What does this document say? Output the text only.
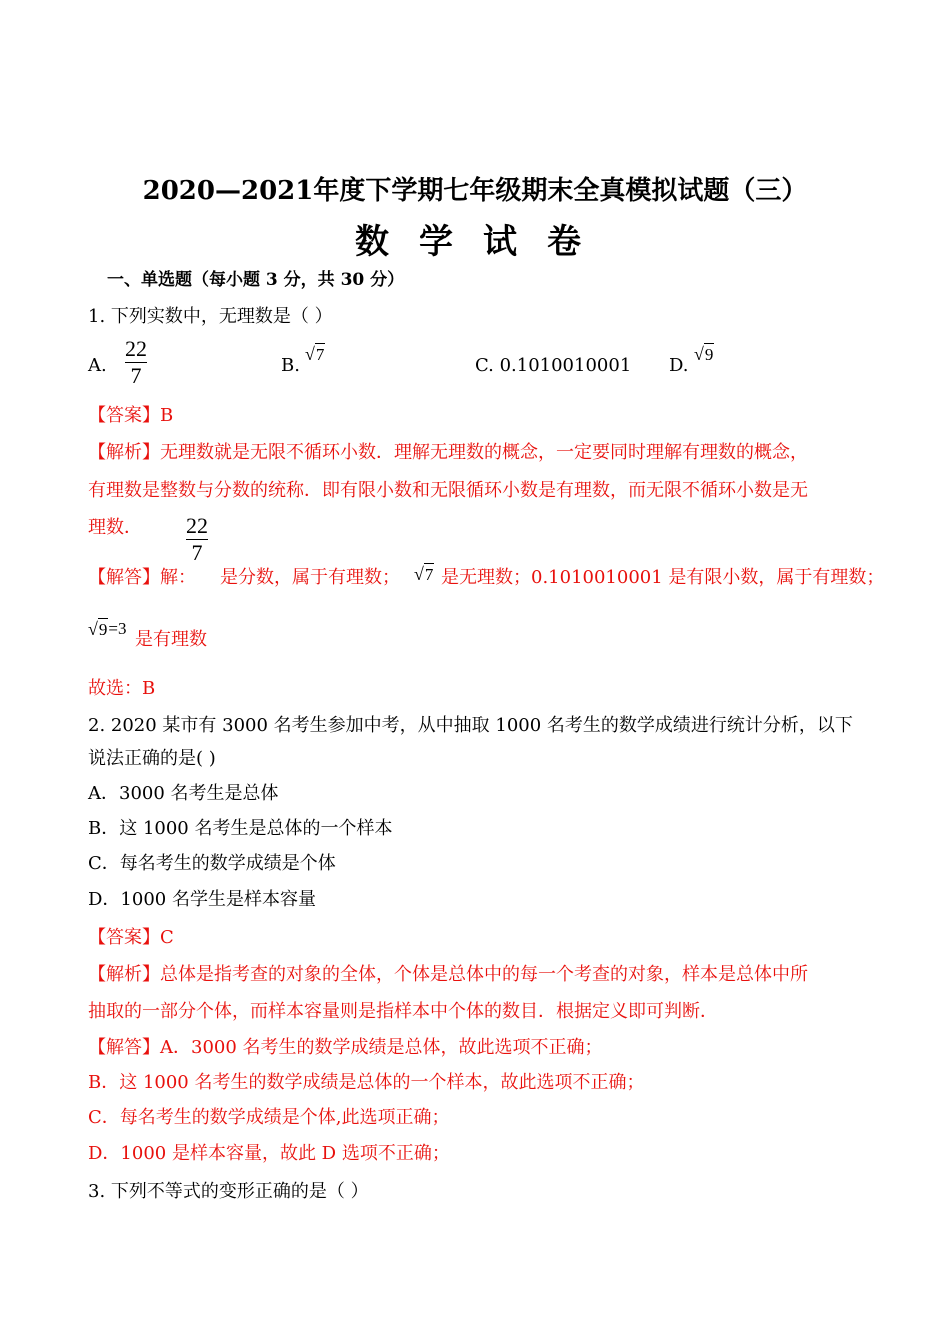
2020—2021年度下学期七年级期末全真模拟试题（三）
数学试卷
一、单选题（每小题 3 分，共 30 分）
1. 下列实数中，无理数是（ ）
A.
22
7	B.
√ 7
C. 0.1010010001 D.
√ 9
【答案】B
【解析】无理数就是无限不循环小数．理解无理数的概念，一定要同时理解有理数的概念，
有理数是整数与分数的统称．即有限小数和无限循环小数是有理数，而无限不循环小数是无
理数． 22
7
【解答】 解： 是分数，属于有理数； √ 7 是无理数；0.1010010001 是有限小数，属于有理数；
√ 9 =3
是有理数
故选：B
2. 2020 某市有 3000 名考生参加中考，从中抽取 1000 名考生的数学成绩进行统计分析，以下
说法正确的是( )
A．3000 名考生是总体
B．这 1000 名考生是总体的一个样本
C．每名考生的数学成绩是个体
D．1000 名学生是样本容量
【答案】C
【解析】总体是指考查的对象的全体，个体是总体中的每一个考查的对象，样本是总体中所
抽取的一部分个体，而样本容量则是指样本中个体的数目．根据定义即可判断．
【解答】A．3000 名考生的数学成绩是总体，故此选项不正确；
B．这 1000 名考生的数学成绩是总体的一个样本，故此选项不正确；
C．每名考生的数学成绩是个体,此选项正确；
D．1000 是样本容量，故此 D 选项不正确；
3. 下列不等式的变形正确的是（ ）
